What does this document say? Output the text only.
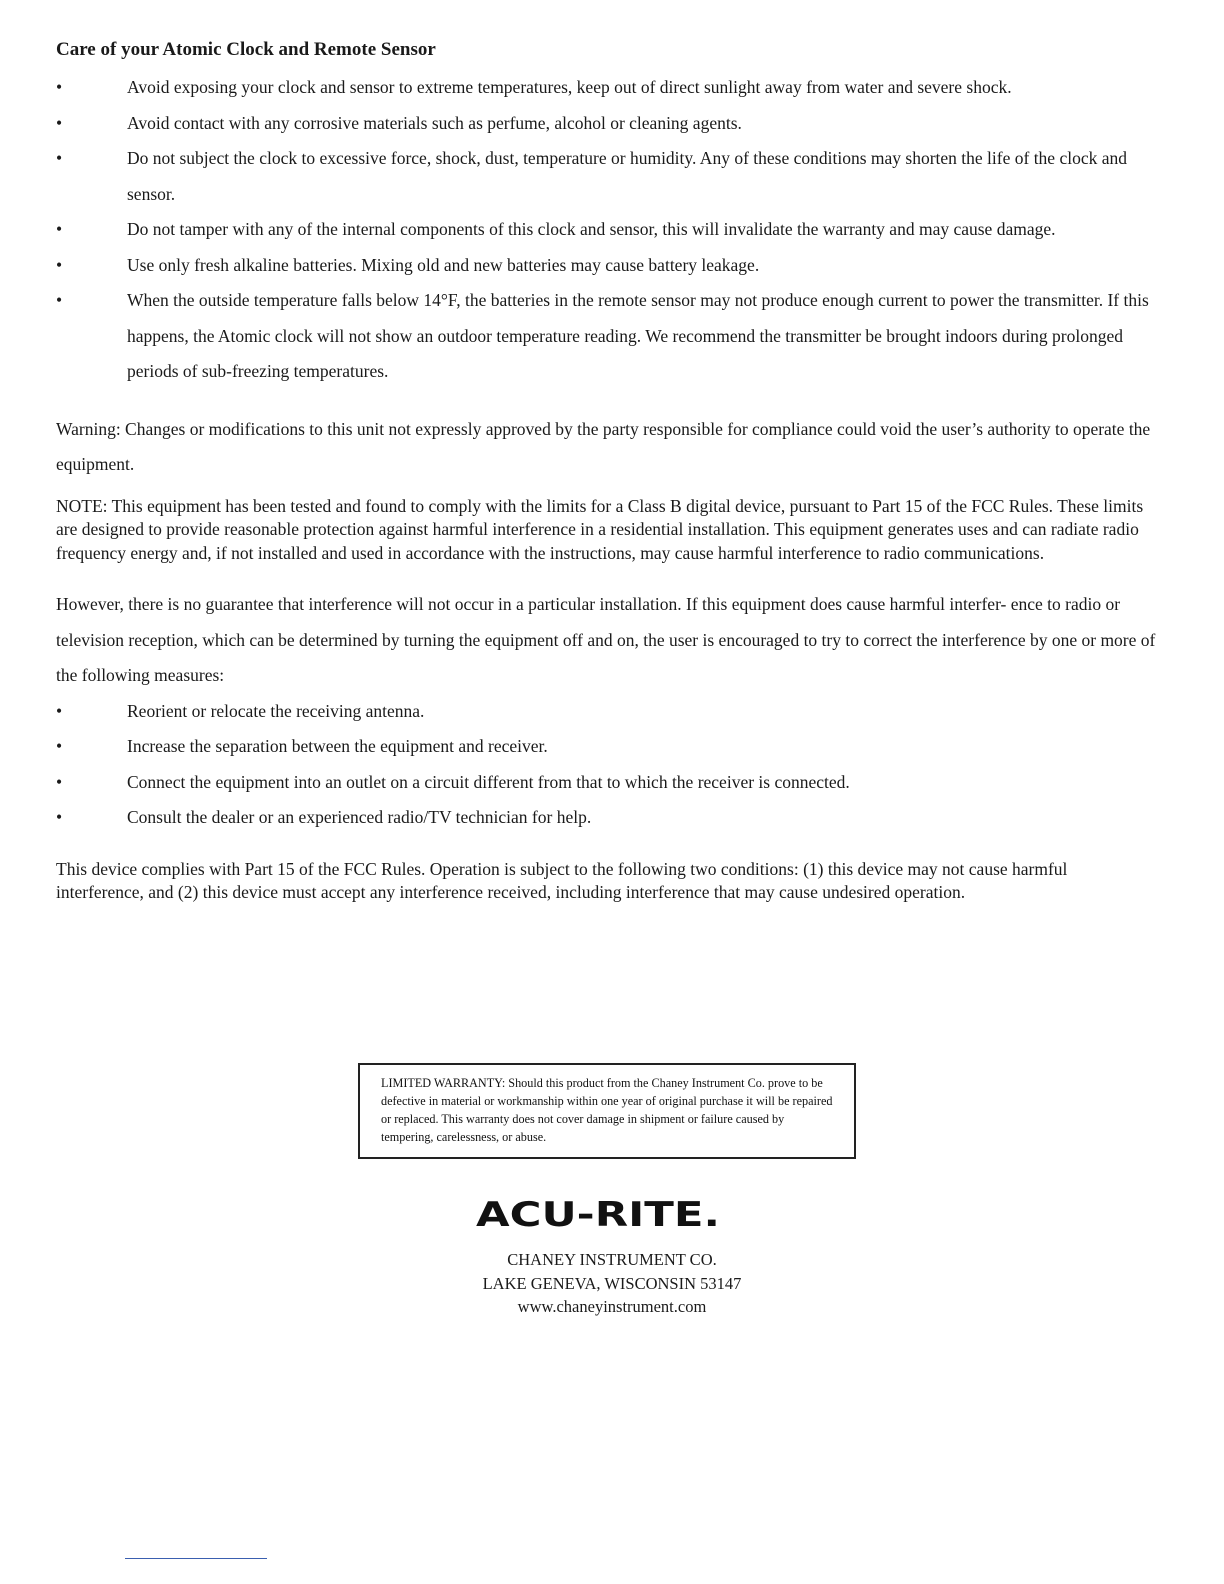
Care of your Atomic Clock and Remote Sensor
•	Avoid exposing your clock and sensor to extreme temperatures, keep out of direct sunlight away from water and severe shock.
•	Avoid contact with any corrosive materials such as perfume, alcohol or cleaning agents.
•	Do not subject the clock to excessive force, shock, dust, temperature or humidity. Any of these conditions may shorten the life of the clock and sensor.
•	Do not tamper with any of the internal components of this clock and sensor, this will invalidate the warranty and may cause damage.
•	Use only fresh alkaline batteries. Mixing old and new batteries may cause battery leakage.
•	When the outside temperature falls below 14°F, the batteries in the remote sensor may not produce enough current to power the transmitter. If this happens, the Atomic clock will not show an outdoor temperature reading. We recommend the transmitter be brought indoors during prolonged periods of sub-freezing temperatures.

Warning: Changes or modifications to this unit not expressly approved by the party responsible for compliance could void the user’s authority to operate the equipment.

NOTE: This equipment has been tested and found to comply with the limits for a Class B digital device, pursuant to Part 15 of the FCC Rules. These limits are designed to provide reasonable protection against harmful interference in a residential installation. This equipment generates uses and can radiate radio frequency energy and, if not installed and used in accordance with the instructions, may cause harmful interference to radio communications.

However, there is no guarantee that interference will not occur in a particular installation. If this equipment does cause harmful interfer- ence to radio or television reception, which can be determined by turning the equipment off and on, the user is encouraged to try to correct the interference by one or more of the following measures:

•	Reorient or relocate the receiving antenna.
•	Increase the separation between the equipment and receiver.
•	Connect the equipment into an outlet on a circuit different from that to which the receiver is connected.
•	Consult the dealer or an experienced radio/TV technician for help.

This device complies with Part 15 of the FCC Rules. Operation is subject to the following two conditions: (1) this device may not cause harmful interference, and (2) this device must accept any interference received, including interference that may cause undesired operation.

LIMITED WARRANTY: Should this product from the Chaney Instrument Co. prove to be defective in material or workmanship within one year of original purchase it will be repaired or replaced. This warranty does not cover damage in shipment or failure caused by tempering, carelessness, or abuse.
ACU-RITE.
CHANEY INSTRUMENT CO.
LAKE GENEVA, WISCONSIN 53147
www.chaneyinstrument.com
